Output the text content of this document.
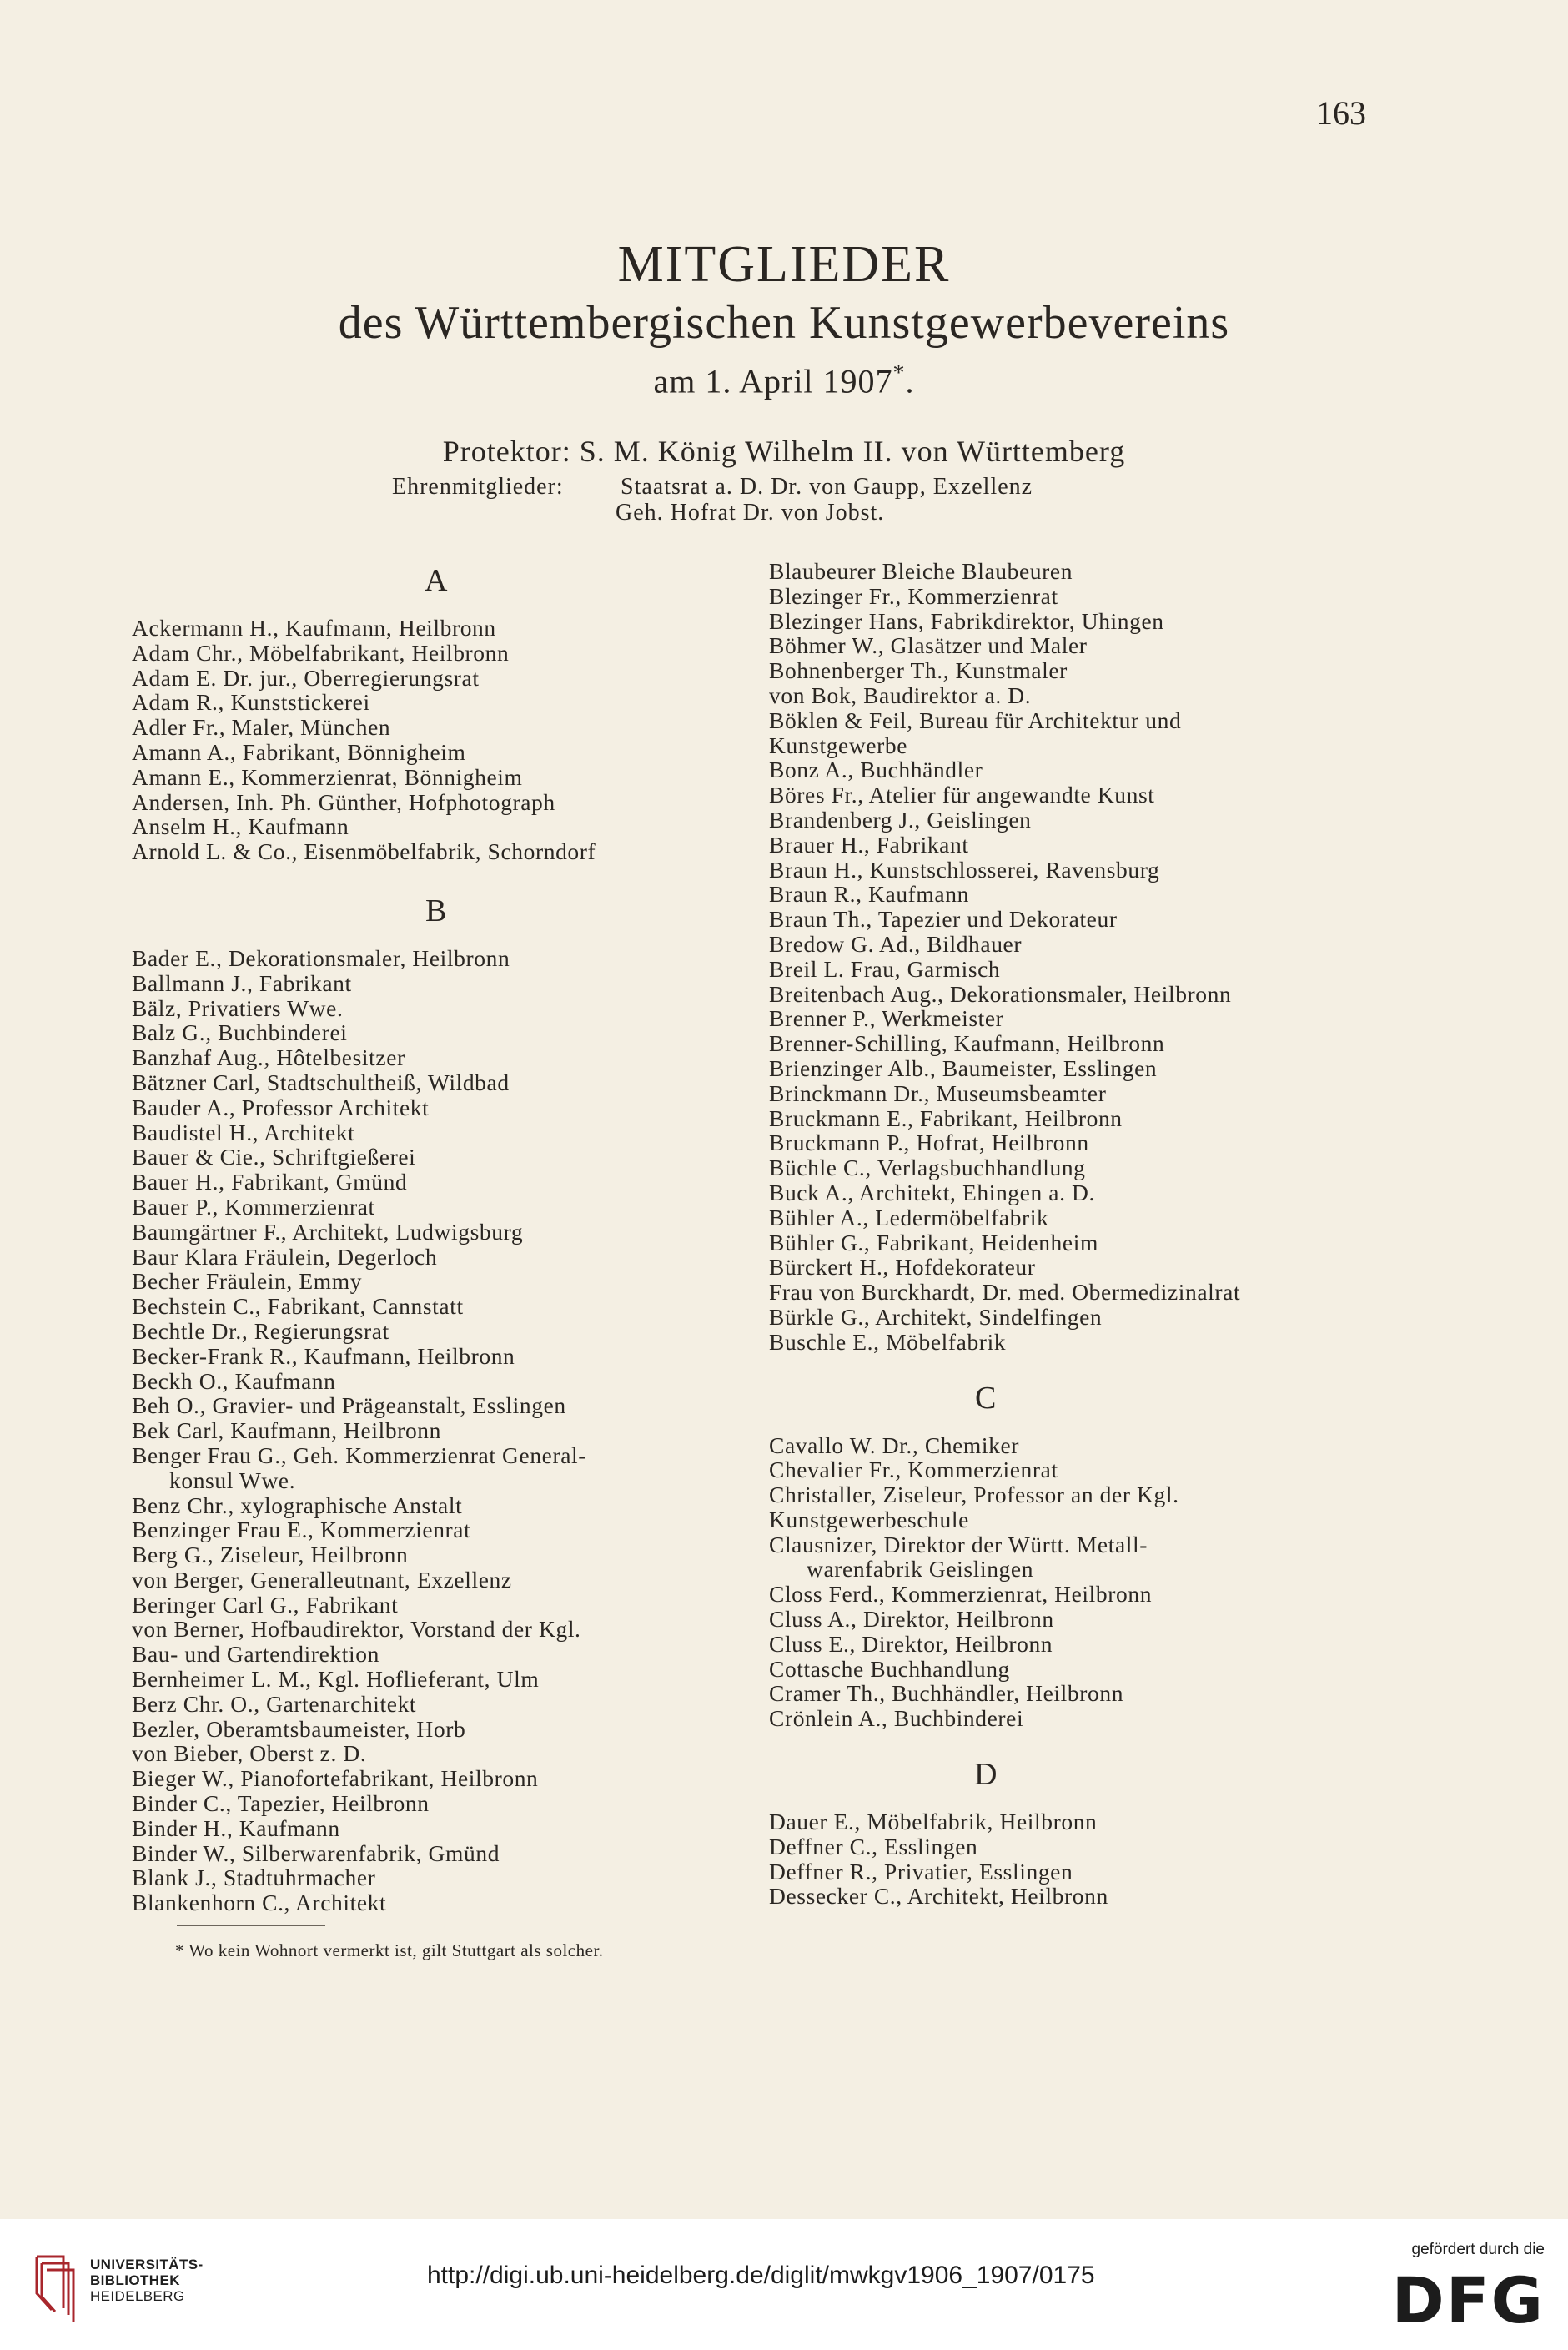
163
MITGLIEDER
des Württembergischen Kunstgewerbevereins
am 1. April 1907*.
Protektor: S. M. König Wilhelm II. von Württemberg
Ehrenmitglieder: Staatsrat a. D. Dr. von Gaupp, Exzellenz
Geh. Hofrat Dr. von Jobst.
A
Ackermann H., Kaufmann, Heilbronn
Adam Chr., Möbelfabrikant, Heilbronn
Adam E. Dr. jur., Oberregierungsrat
Adam R., Kunststickerei
Adler Fr., Maler, München
Amann A., Fabrikant, Bönnigheim
Amann E., Kommerzienrat, Bönnigheim
Andersen, Inh. Ph. Günther, Hofphotograph
Anselm H., Kaufmann
Arnold L. & Co., Eisenmöbelfabrik, Schorndorf
B
Bader E., Dekorationsmaler, Heilbronn
Ballmann J., Fabrikant
Bälz, Privatiers Wwe.
Balz G., Buchbinderei
Banzhaf Aug., Hôtelbesitzer
Bätzner Carl, Stadtschultheiß, Wildbad
Bauder A., Professor Architekt
Baudistel H., Architekt
Bauer & Cie., Schriftgießerei
Bauer H., Fabrikant, Gmünd
Bauer P., Kommerzienrat
Baumgärtner F., Architekt, Ludwigsburg
Baur Klara Fräulein, Degerloch
Becher Fräulein, Emmy
Bechstein C., Fabrikant, Cannstatt
Bechtle Dr., Regierungsrat
Becker-Frank R., Kaufmann, Heilbronn
Beckh O., Kaufmann
Beh O., Gravier- und Prägeanstalt, Esslingen
Bek Carl, Kaufmann, Heilbronn
Benger Frau G., Geh. Kommerzienrat General-
konsul Wwe.
Benz Chr., xylographische Anstalt
Benzinger Frau E., Kommerzienrat
Berg G., Ziseleur, Heilbronn
von Berger, Generalleutnant, Exzellenz
Beringer Carl G., Fabrikant
von Berner, Hofbaudirektor, Vorstand der Kgl.
Bau- und Gartendirektion
Bernheimer L. M., Kgl. Hoflieferant, Ulm
Berz Chr. O., Gartenarchitekt
Bezler, Oberamtsbaumeister, Horb
von Bieber, Oberst z. D.
Bieger W., Pianofortefabrikant, Heilbronn
Binder C., Tapezier, Heilbronn
Binder H., Kaufmann
Binder W., Silberwarenfabrik, Gmünd
Blank J., Stadtuhrmacher
Blankenhorn C., Architekt
Blaubeurer Bleiche Blaubeuren
Blezinger Fr., Kommerzienrat
Blezinger Hans, Fabrikdirektor, Uhingen
Böhmer W., Glasätzer und Maler
Bohnenberger Th., Kunstmaler
von Bok, Baudirektor a. D.
Böklen & Feil, Bureau für Architektur und
Kunstgewerbe
Bonz A., Buchhändler
Böres Fr., Atelier für angewandte Kunst
Brandenberg J., Geislingen
Brauer H., Fabrikant
Braun H., Kunstschlosserei, Ravensburg
Braun R., Kaufmann
Braun Th., Tapezier und Dekorateur
Bredow G. Ad., Bildhauer
Breil L. Frau, Garmisch
Breitenbach Aug., Dekorationsmaler, Heilbronn
Brenner P., Werkmeister
Brenner-Schilling, Kaufmann, Heilbronn
Brienzinger Alb., Baumeister, Esslingen
Brinckmann Dr., Museumsbeamter
Bruckmann E., Fabrikant, Heilbronn
Bruckmann P., Hofrat, Heilbronn
Büchle C., Verlagsbuchhandlung
Buck A., Architekt, Ehingen a. D.
Bühler A., Ledermöbelfabrik
Bühler G., Fabrikant, Heidenheim
Bürckert H., Hofdekorateur
Frau von Burckhardt, Dr. med. Obermedizinalrat
Bürkle G., Architekt, Sindelfingen
Buschle E., Möbelfabrik
C
Cavallo W. Dr., Chemiker
Chevalier Fr., Kommerzienrat
Christaller, Ziseleur, Professor an der Kgl.
Kunstgewerbeschule
Clausnizer, Direktor der Württ. Metall-
warenfabrik Geislingen
Closs Ferd., Kommerzienrat, Heilbronn
Cluss A., Direktor, Heilbronn
Cluss E., Direktor, Heilbronn
Cottasche Buchhandlung
Cramer Th., Buchhändler, Heilbronn
Crönlein A., Buchbinderei
D
Dauer E., Möbelfabrik, Heilbronn
Deffner C., Esslingen
Deffner R., Privatier, Esslingen
Dessecker C., Architekt, Heilbronn
* Wo kein Wohnort vermerkt ist, gilt Stuttgart als solcher.
UNIVERSITÄTS-
BIBLIOTHEK
HEIDELBERG
http://digi.ub.uni-heidelberg.de/diglit/mwkgv1906_1907/0175
gefördert durch die
DFG
